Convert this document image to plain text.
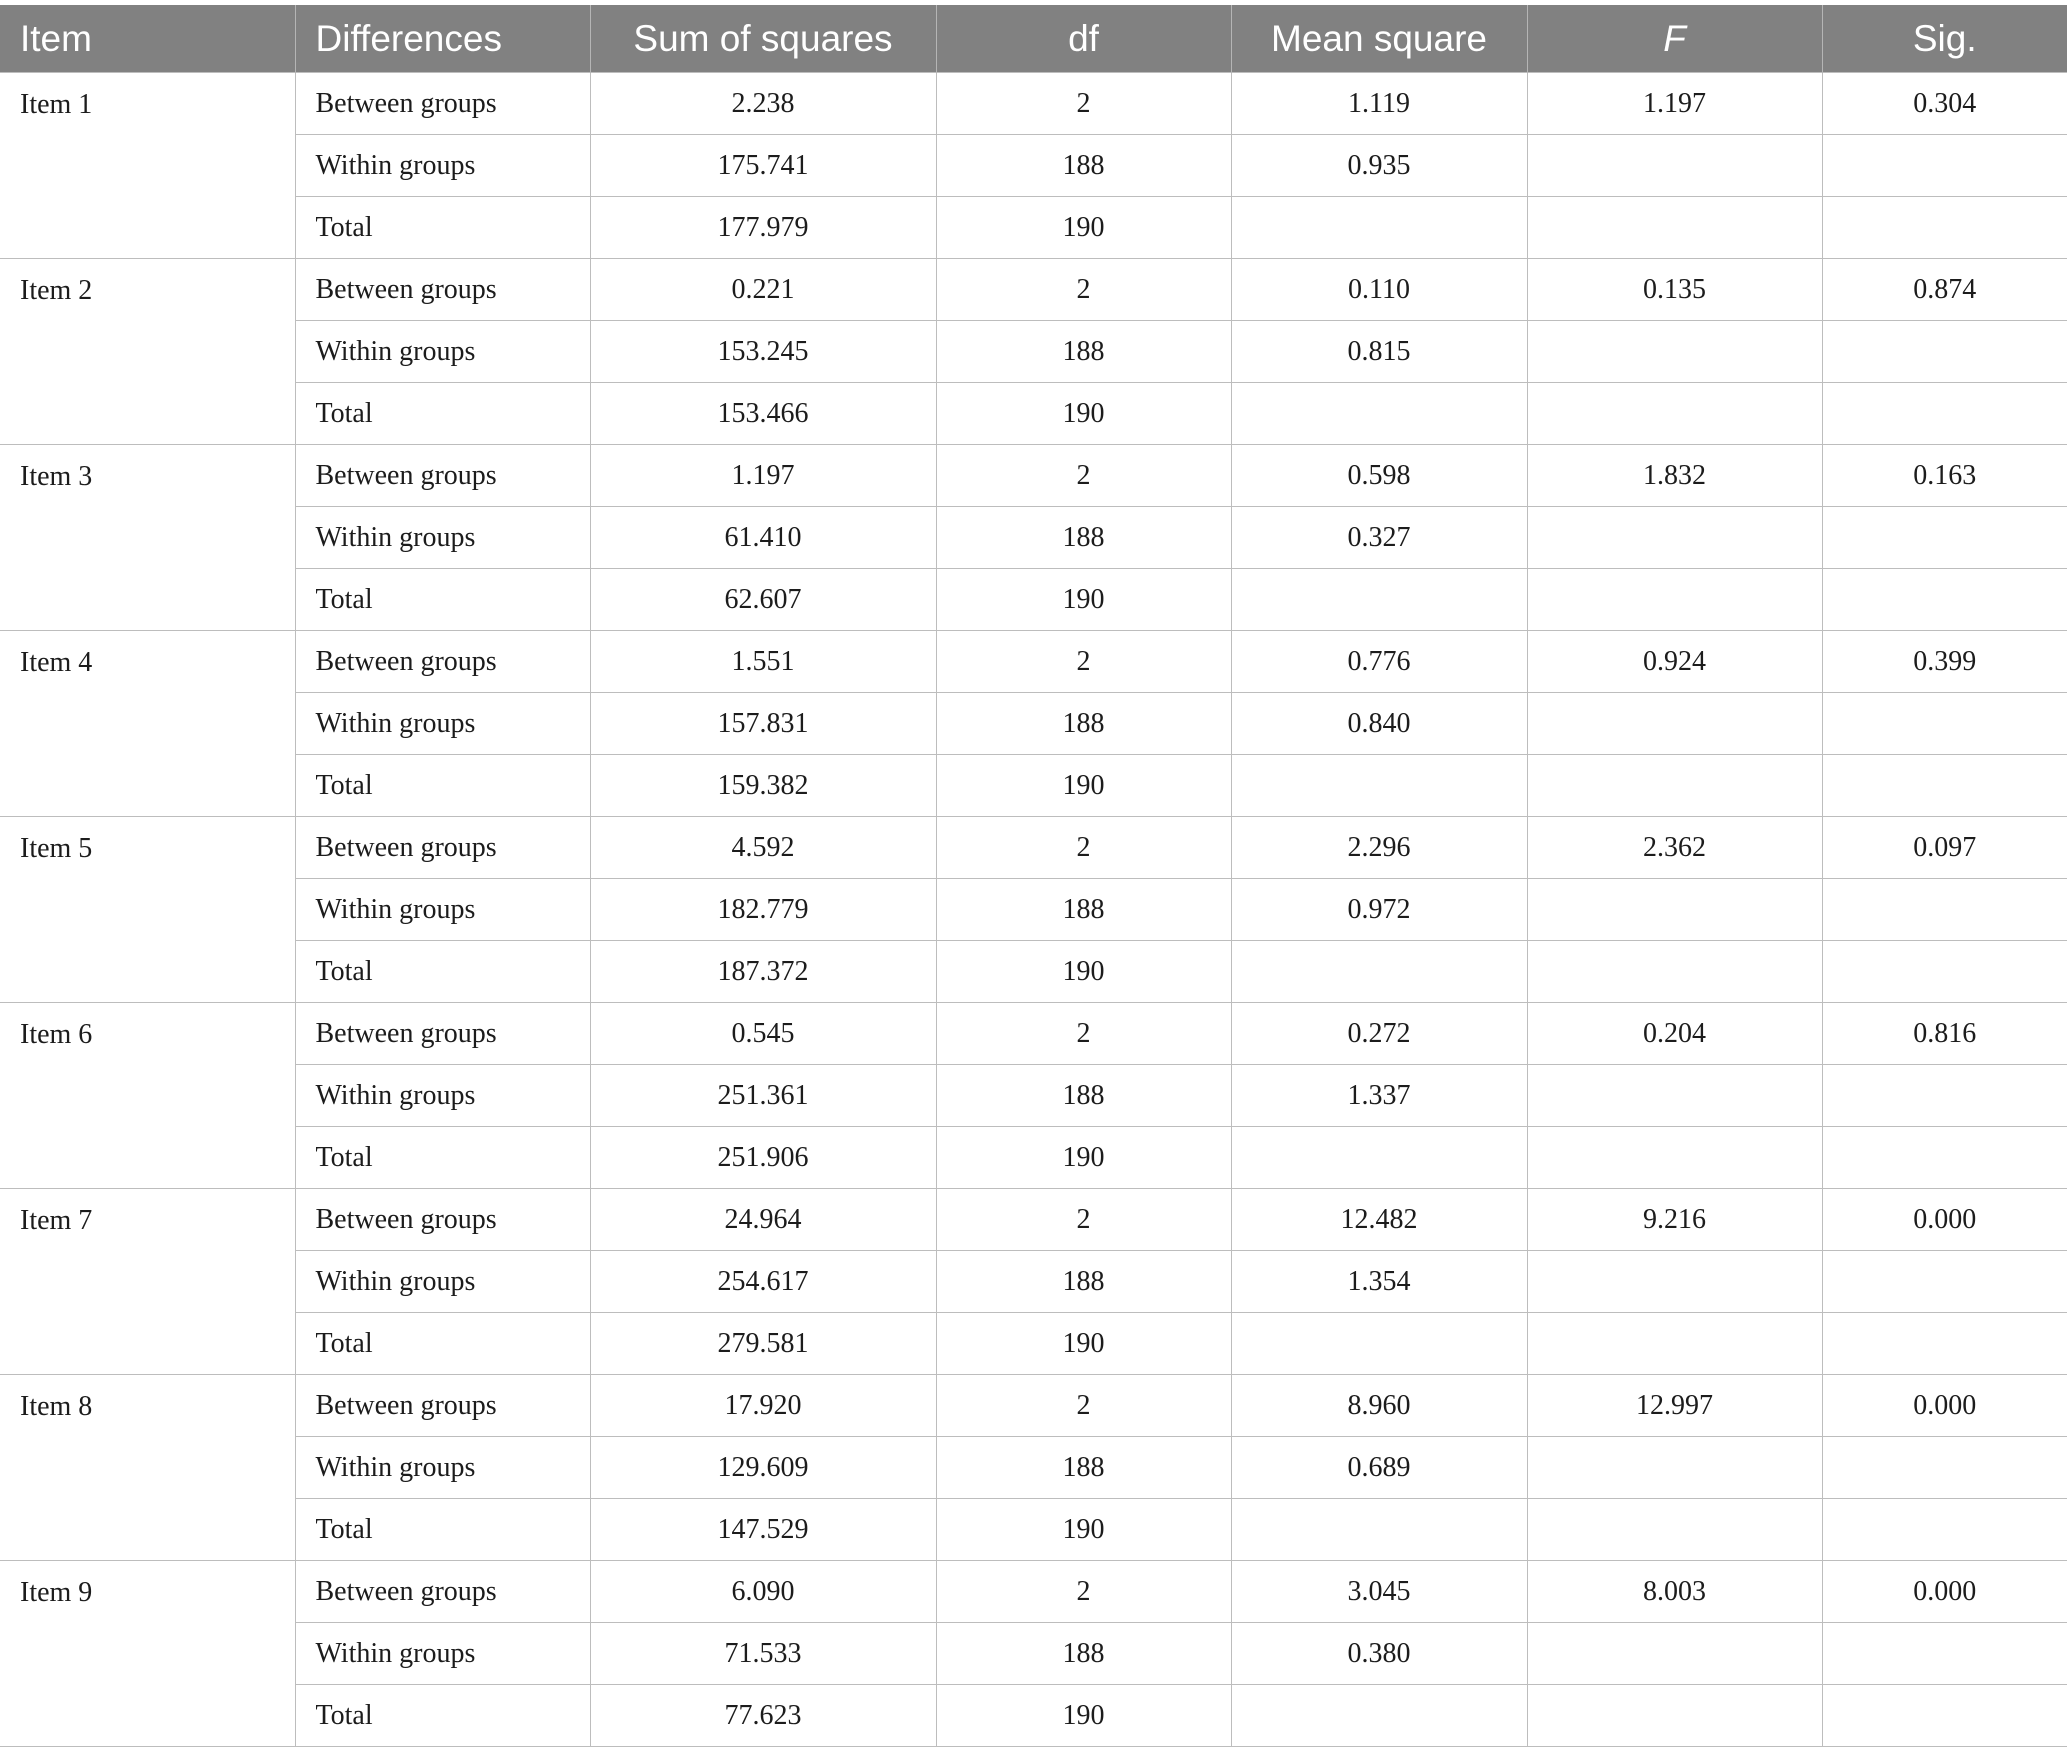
Item	Differences	Sum of squares	df	Mean square	F	Sig.
Item 1	Between groups	2.238	2	1.119	1.197	0.304
	Within groups	175.741	188	0.935		
	Total	177.979	190			
Item 2	Between groups	0.221	2	0.110	0.135	0.874
	Within groups	153.245	188	0.815		
	Total	153.466	190			
Item 3	Between groups	1.197	2	0.598	1.832	0.163
	Within groups	61.410	188	0.327		
	Total	62.607	190			
Item 4	Between groups	1.551	2	0.776	0.924	0.399
	Within groups	157.831	188	0.840		
	Total	159.382	190			
Item 5	Between groups	4.592	2	2.296	2.362	0.097
	Within groups	182.779	188	0.972		
	Total	187.372	190			
Item 6	Between groups	0.545	2	0.272	0.204	0.816
	Within groups	251.361	188	1.337		
	Total	251.906	190			
Item 7	Between groups	24.964	2	12.482	9.216	0.000
	Within groups	254.617	188	1.354		
	Total	279.581	190			
Item 8	Between groups	17.920	2	8.960	12.997	0.000
	Within groups	129.609	188	0.689		
	Total	147.529	190			
Item 9	Between groups	6.090	2	3.045	8.003	0.000
	Within groups	71.533	188	0.380		
	Total	77.623	190			
